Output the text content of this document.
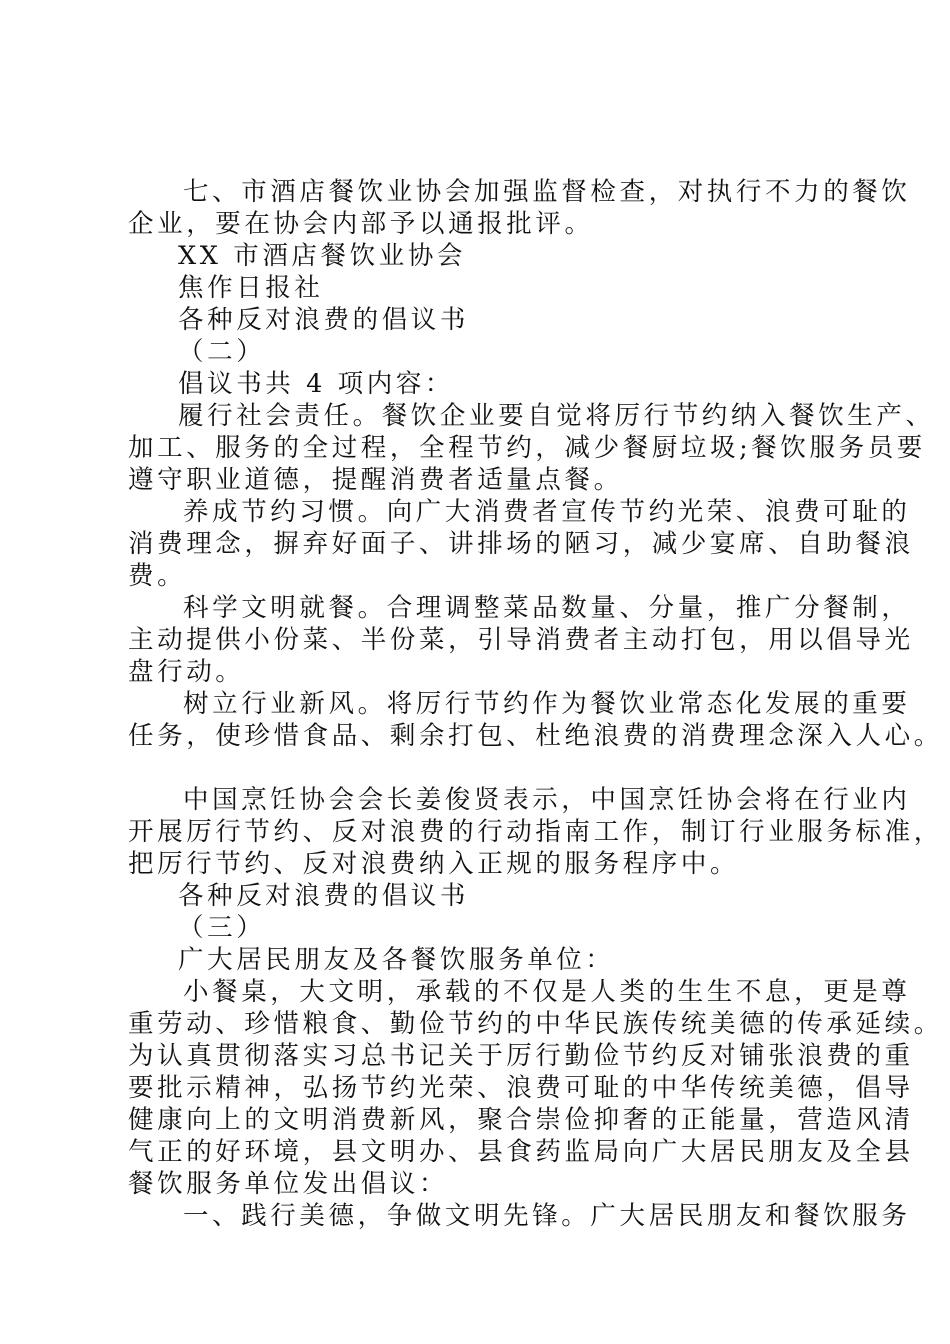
七、市酒店餐饮业协会加强监督检查，对执行不力的餐饮
企业，要在协会内部予以通报批评。
XX 市酒店餐饮业协会
焦作日报社
各种反对浪费的倡议书
（二）
倡议书共 4 项内容：
履行社会责任。餐饮企业要自觉将厉行节约纳入餐饮生产、
加工、服务的全过程，全程节约，减少餐厨垃圾;餐饮服务员要
遵守职业道德，提醒消费者适量点餐。
养成节约习惯。向广大消费者宣传节约光荣、浪费可耻的
消费理念，摒弃好面子、讲排场的陋习，减少宴席、自助餐浪
费。
科学文明就餐。合理调整菜品数量、分量，推广分餐制，
主动提供小份菜、半份菜，引导消费者主动打包，用以倡导光
盘行动。
树立行业新风。将厉行节约作为餐饮业常态化发展的重要
任务，使珍惜食品、剩余打包、杜绝浪费的消费理念深入人心。
中国烹饪协会会长姜俊贤表示，中国烹饪协会将在行业内
开展厉行节约、反对浪费的行动指南工作，制订行业服务标准，
把厉行节约、反对浪费纳入正规的服务程序中。
各种反对浪费的倡议书
（三）
广大居民朋友及各餐饮服务单位：
小餐桌，大文明，承载的不仅是人类的生生不息，更是尊
重劳动、珍惜粮食、勤俭节约的中华民族传统美德的传承延续。
为认真贯彻落实习总书记关于厉行勤俭节约反对铺张浪费的重
要批示精神，弘扬节约光荣、浪费可耻的中华传统美德，倡导
健康向上的文明消费新风，聚合崇俭抑奢的正能量，营造风清
气正的好环境，县文明办、县食药监局向广大居民朋友及全县
餐饮服务单位发出倡议：
一、践行美德，争做文明先锋。广大居民朋友和餐饮服务
